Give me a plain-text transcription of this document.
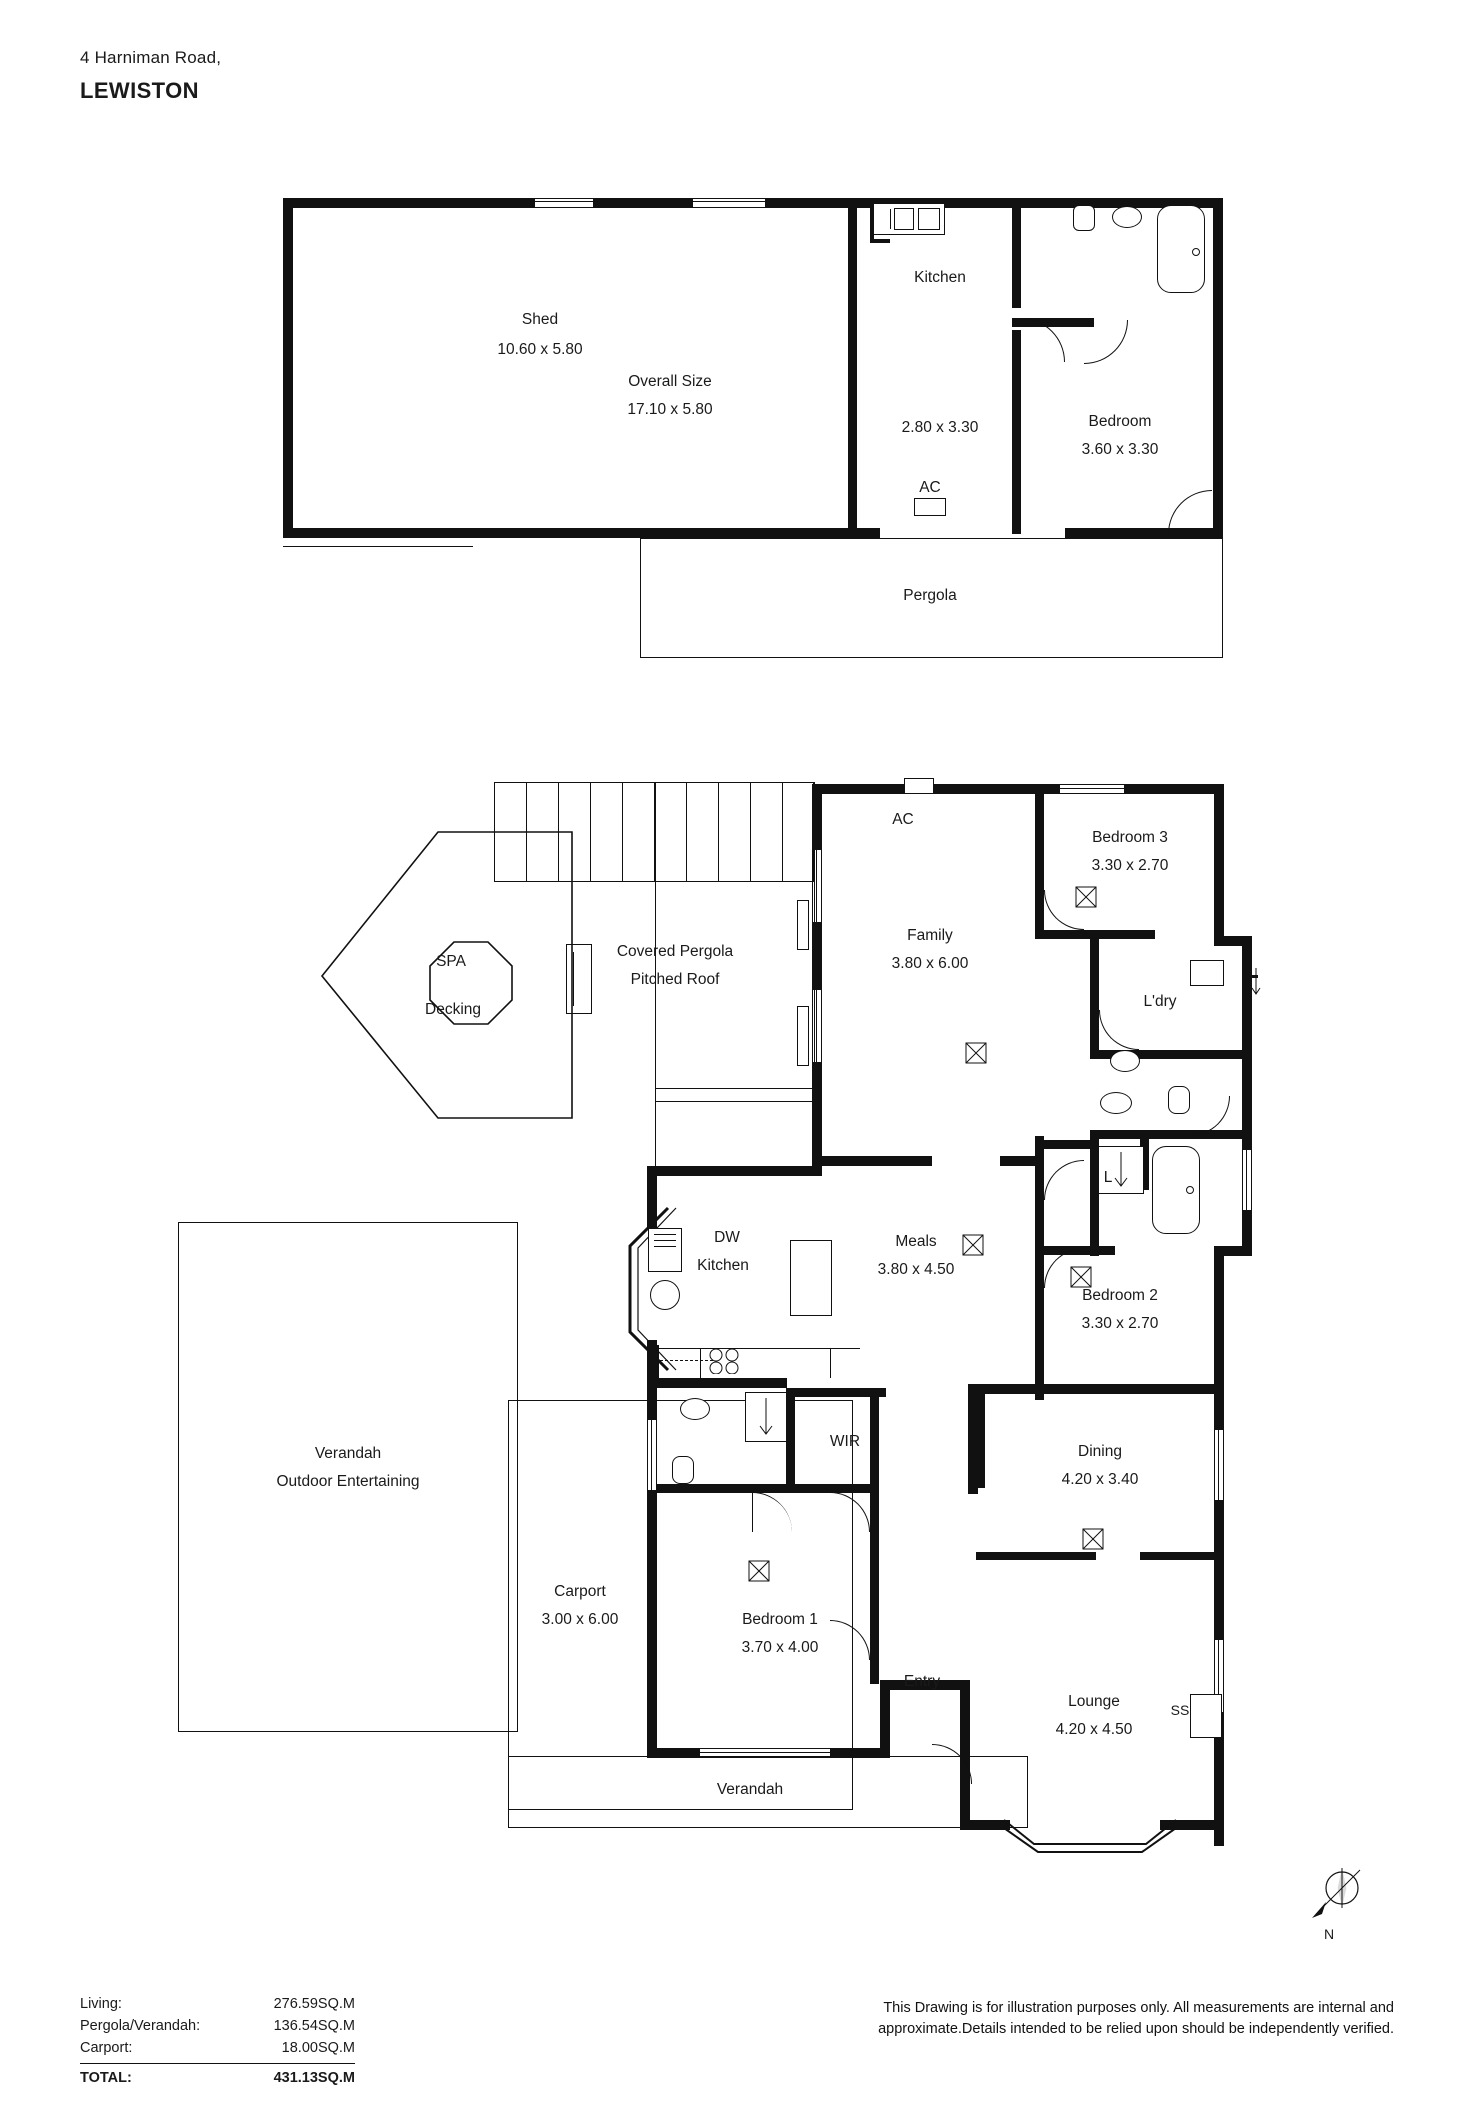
4 Harniman Road,
LEWISTON
Shed
10.60 x 5.80
Overall Size
17.10 x 5.80
Kitchen
2.80 x 3.30	Bedroom
3.60 x 3.30
AC
Pergola
AC
Bedroom 3
3.30 x 2.70
Family
3.80 x 6.00
L'dry
L
SPA
Decking
Covered Pergola
Pitched Roof
DW
Kitchen
Meals
3.80 x 4.50
Bedroom 2
3.30 x 2.70
WIR
Dining
4.20 x 3.40
Verandah
Outdoor Entertaining
Carport
3.00 x 6.00	Bedroom 1
3.70 x 4.00
Entry
Lounge
4.20 x 4.50
SS
Verandah
N
Living:	276.59SQ.M
Pergola/Verandah:	136.54SQ.M
Carport:	18.00SQ.M
TOTAL:	431.13SQ.M
This Drawing is for illustration purposes only. All measurements are internal and approximate.Details intended to be relied upon should be independently verified.
